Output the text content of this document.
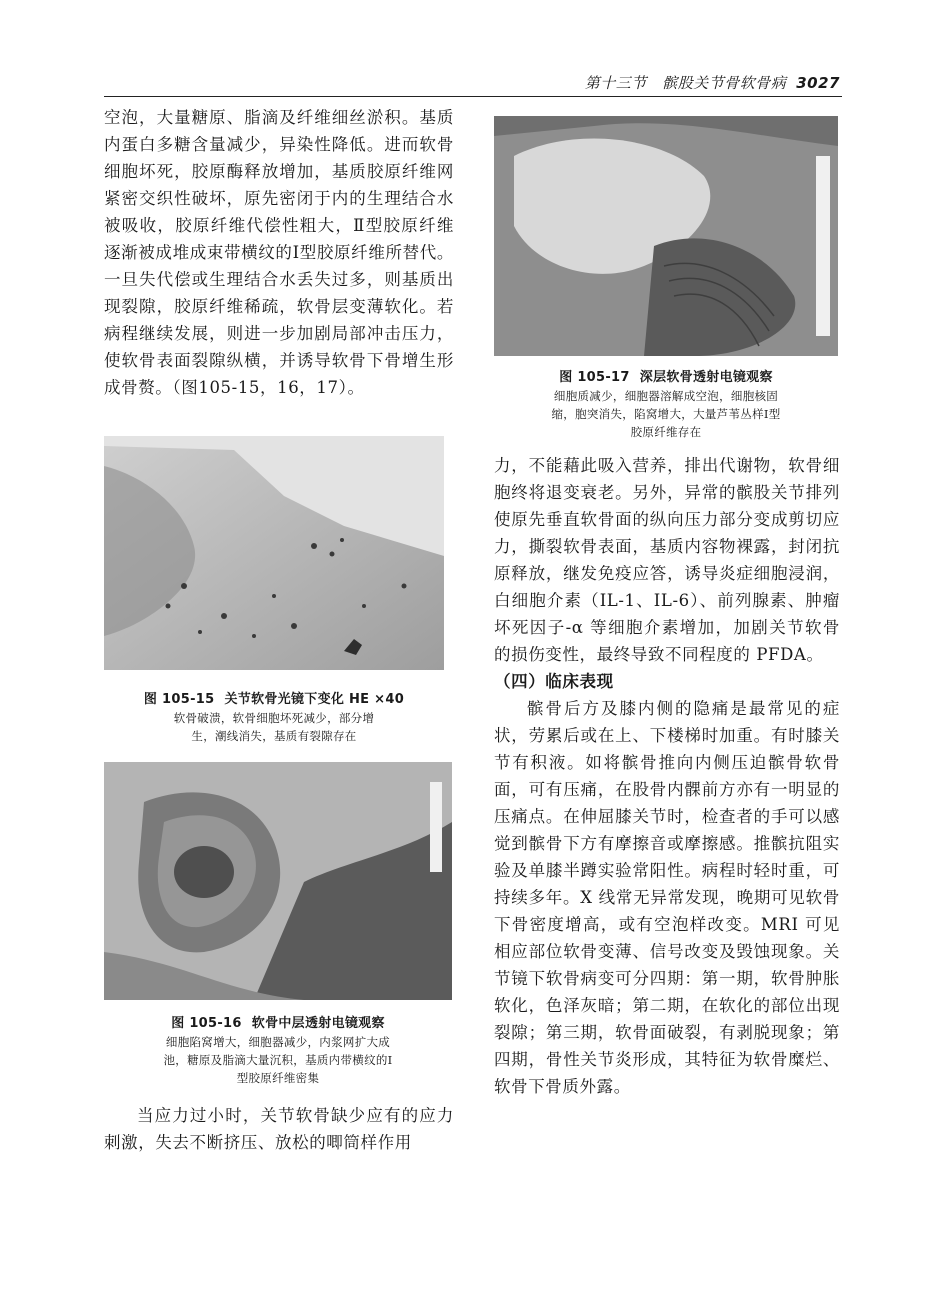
第十三节　髌股关节骨软骨病 3027

空泡，大量糖原、脂滴及纤维细丝淤积。基质内蛋白多糖含量减少，异染性降低。进而软骨细胞坏死，胶原酶释放增加，基质胶原纤维网紧密交织性破坏，原先密闭于内的生理结合水被吸收，胶原纤维代偿性粗大，Ⅱ型胶原纤维逐渐被成堆成束带横纹的Ⅰ型胶原纤维所替代。一旦失代偿或生理结合水丢失过多，则基质出现裂隙，胶原纤维稀疏，软骨层变薄软化。若病程继续发展，则进一步加剧局部冲击压力，使软骨表面裂隙纵横，并诱导软骨下骨增生形成骨赘。（图105-15，16，17）。

图 105-15 关节软骨光镜下变化 HE ×40
软骨破溃，软骨细胞坏死减少，部分增生，潮线消失，基质有裂隙存在
图 105-16 软骨中层透射电镜观察
细胞陷窝增大，细胞器减少，内浆网扩大成池，糖原及脂滴大量沉积，基质内带横纹的Ⅰ型胶原纤维密集

当应力过小时，关节软骨缺少应有的应力刺激，失去不断挤压、放松的唧筒样作用

图 105-17 深层软骨透射电镜观察
细胞质减少，细胞器溶解成空泡，细胞核固缩，胞突消失，陷窝增大，大量芦苇丛样Ⅰ型胶原纤维存在

力，不能藉此吸入营养，排出代谢物，软骨细胞终将退变衰老。另外，异常的髌股关节排列使原先垂直软骨面的纵向压力部分变成剪切应力，撕裂软骨表面，基质内容物裸露，封闭抗原释放，继发免疫应答，诱导炎症细胞浸润，白细胞介素（IL-1、IL-6）、前列腺素、肿瘤坏死因子-α 等细胞介素增加，加剧关节软骨的损伤变性，最终导致不同程度的 PFDA。

（四）临床表现

髌骨后方及膝内侧的隐痛是最常见的症状，劳累后或在上、下楼梯时加重。有时膝关节有积液。如将髌骨推向内侧压迫髌骨软骨面，可有压痛，在股骨内髁前方亦有一明显的压痛点。在伸屈膝关节时，检查者的手可以感觉到髌骨下方有摩擦音或摩擦感。推髌抗阻实验及单膝半蹲实验常阳性。病程时轻时重，可持续多年。X 线常无异常发现，晚期可见软骨下骨密度增高，或有空泡样改变。MRI 可见相应部位软骨变薄、信号改变及毁蚀现象。关节镜下软骨病变可分四期：第一期，软骨肿胀软化，色泽灰暗；第二期，在软化的部位出现裂隙；第三期，软骨面破裂，有剥脱现象；第四期，骨性关节炎形成，其特征为软骨糜烂、软骨下骨质外露。
